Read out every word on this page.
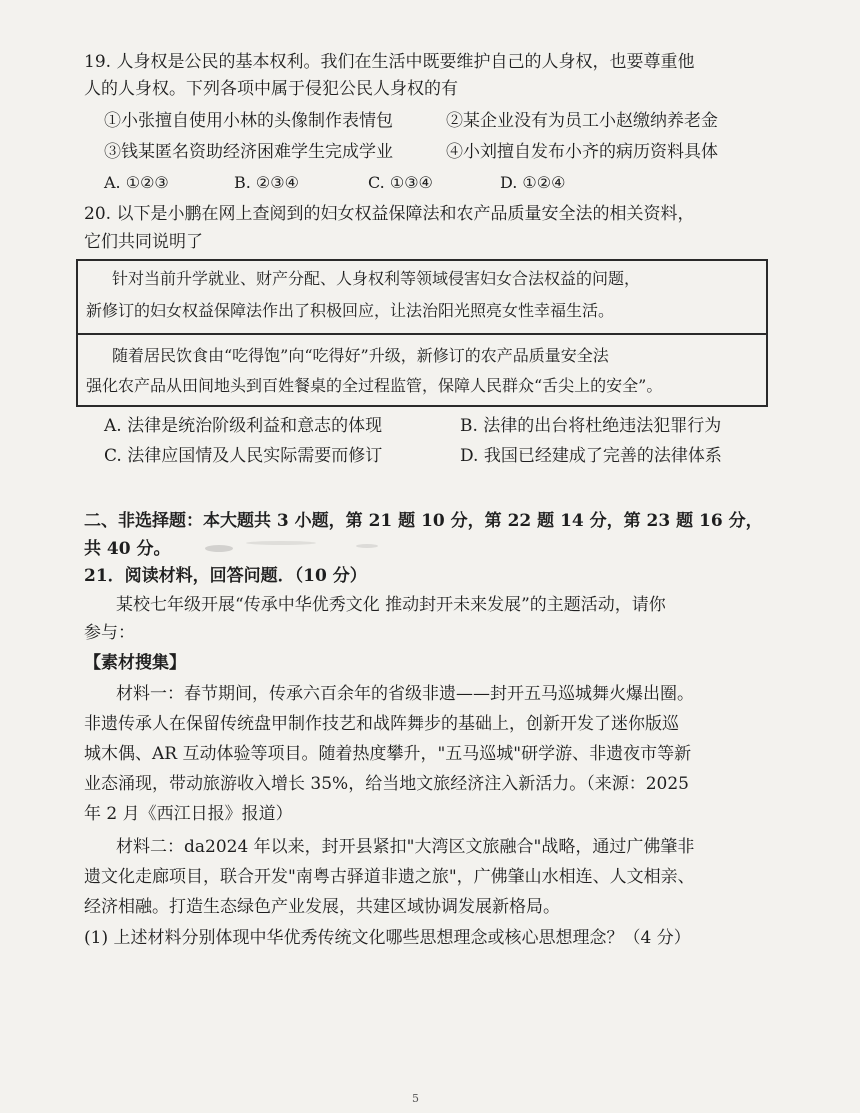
19. 人身权是公民的基本权利。我们在生活中既要维护自己的人身权，也要尊重他
人的人身权。下列各项中属于侵犯公民人身权的有
①小张擅自使用小林的头像制作表情包	②某企业没有为员工小赵缴纳养老金
③钱某匿名资助经济困难学生完成学业	④小刘擅自发布小齐的病历资料具体
A. ①②③	B. ②③④	C. ①③④	D. ①②④
20. 以下是小鹏在网上查阅到的妇女权益保障法和农产品质量安全法的相关资料，
它们共同说明了
针对当前升学就业、财产分配、人身权利等领域侵害妇女合法权益的问题，
新修订的妇女权益保障法作出了积极回应，让法治阳光照亮女性幸福生活。
随着居民饮食由“吃得饱”向“吃得好”升级，新修订的农产品质量安全法
强化农产品从田间地头到百姓餐桌的全过程监管，保障人民群众“舌尖上的安全”。
A. 法律是统治阶级利益和意志的体现	B. 法律的出台将杜绝违法犯罪行为
C. 法律应国情及人民实际需要而修订	D. 我国已经建成了完善的法律体系
二、非选择题：本大题共 3 小题，第 21 题 10 分，第 22 题 14 分，第 23 题 16 分，
共 40 分。
21．阅读材料，回答问题．（10 分）
某校七年级开展“传承中华优秀文化 推动封开未来发展”的主题活动，请你
参与：
【素材搜集】
材料一：春节期间，传承六百余年的省级非遗——封开五马巡城舞火爆出圈。
非遗传承人在保留传统盘甲制作技艺和战阵舞步的基础上，创新开发了迷你版巡
城木偶、AR 互动体验等项目。随着热度攀升，"五马巡城"研学游、非遗夜市等新
业态涌现，带动旅游收入增长 35%，给当地文旅经济注入新活力。（来源：2025
年 2 月《西江日报》报道）
材料二：da2024 年以来，封开县紧扣"大湾区文旅融合"战略，通过广佛肇非
遗文化走廊项目，联合开发"南粤古驿道非遗之旅"，广佛肇山水相连、人文相亲、
经济相融。打造生态绿色产业发展，共建区域协调发展新格局。
(1) 上述材料分别体现中华优秀传统文化哪些思想理念或核心思想理念？（4 分）
5
